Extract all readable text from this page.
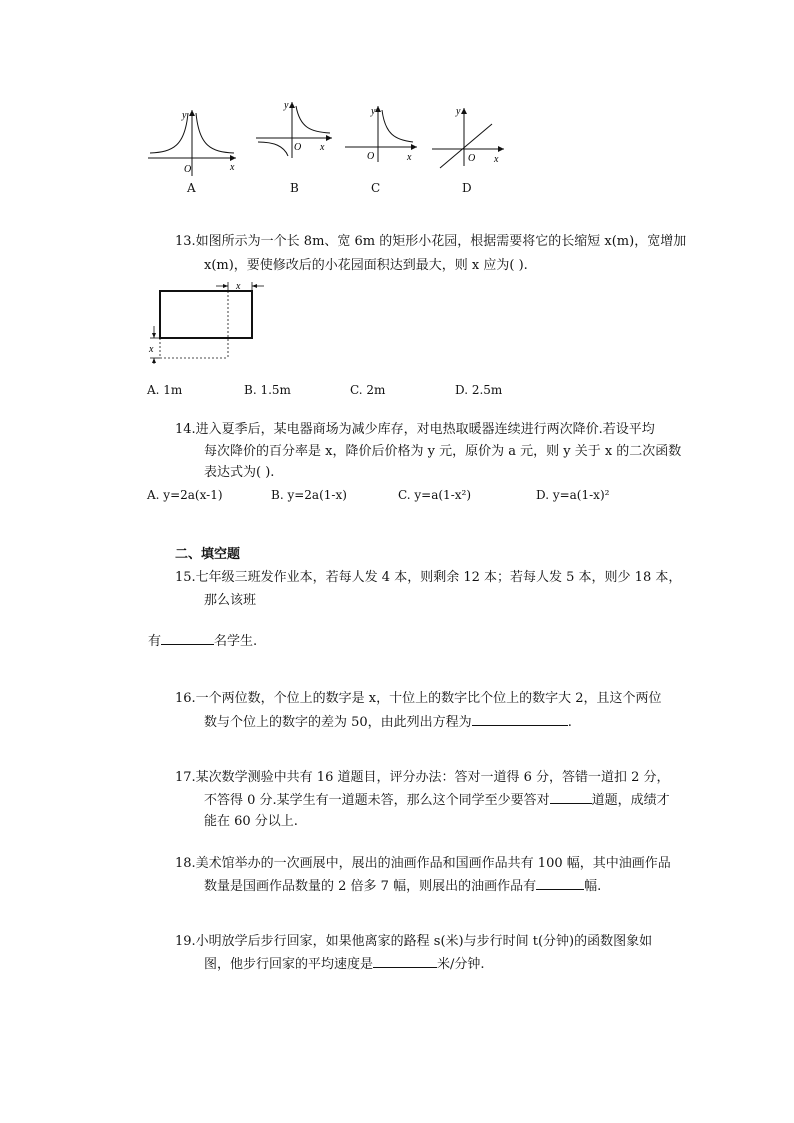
y
x
O
A
y
x
O
B
y
x
O
C
y
x
O
D
13.如图所示为一个长 8m、宽 6m 的矩形小花园，根据需要将它的长缩短 x(m)，宽增加
x(m)，要使修改后的小花园面积达到最大，则 x 应为( ).
x
x
A. 1m	B. 1.5m	C. 2m	D. 2.5m
14.进入夏季后，某电器商场为减少库存，对电热取暖器连续进行两次降价.若设平均
每次降价的百分率是 x，降价后价格为 y 元，原价为 a 元，则 y 关于 x 的二次函数
表达式为( ).
A. y=2a(x-1)	B. y=2a(1-x)	C. y=a(1-x²)	D. y=a(1-x)²
二、填空题
15.七年级三班发作业本，若每人发 4 本，则剩余 12 本；若每人发 5 本，则少 18 本，
那么该班
有	名学生.
16.一个两位数，个位上的数字是 x，十位上的数字比个位上的数字大 2，且这个两位
数与个位上的数字的差为 50，由此列出方程为	.
17.某次数学测验中共有 16 道题目，评分办法：答对一道得 6 分，答错一道扣 2 分，
不答得 0 分.某学生有一道题未答，那么这个同学至少要答对	道题，成绩才
能在 60 分以上.
18.美术馆举办的一次画展中，展出的油画作品和国画作品共有 100 幅，其中油画作品
数量是国画作品数量的 2 倍多 7 幅，则展出的油画作品有	幅.
19.小明放学后步行回家，如果他离家的路程 s(米)与步行时间 t(分钟)的函数图象如
图，他步行回家的平均速度是	米/分钟.
